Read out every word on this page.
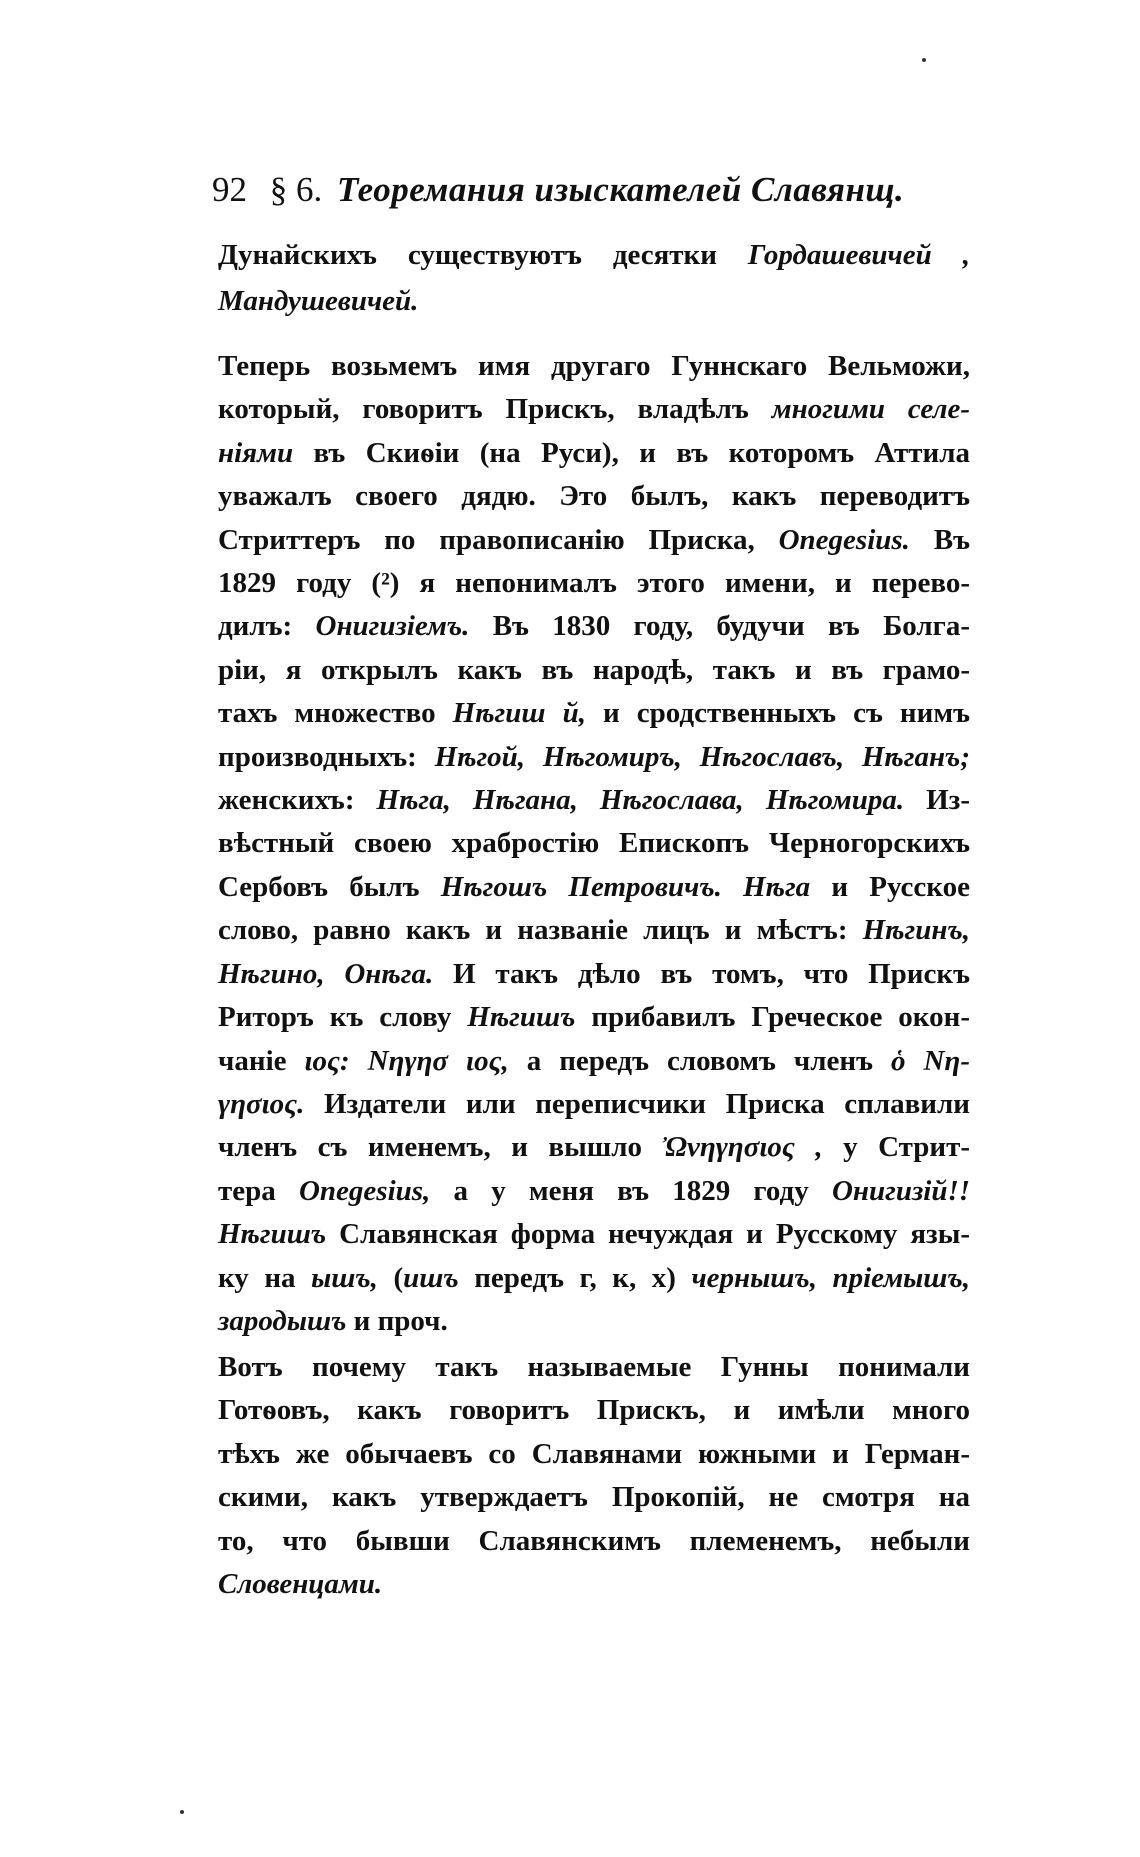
92 § 6. Теоремания изыскателей Славянщ.
Дунайскихъ существуютъ десятки Гордашевичей ,
Мандушевичей.
Теперь возьмемъ имя другаго Гуннскаго Вельможи,
который, говоритъ Прискъ, владѣлъ многими селе-
ніями въ Скиѳіи (на Руси), и въ которомъ Аттила
уважалъ своего дядю. Это былъ, какъ переводитъ
Стриттеръ по правописанію Приска, Onegesius. Въ
1829 году (²) я непонималъ этого имени, и перево-
дилъ: Онигизіемъ. Въ 1830 году, будучи въ Болга-
ріи, я открылъ какъ въ народѣ, такъ и въ грамо-
тахъ множество Нѣгиш й, и сродственныхъ съ нимъ
производныхъ: Нѣгой, Нѣгомиръ, Нѣгославъ, Нѣганъ;
женскихъ: Нѣга, Нѣгана, Нѣгослава, Нѣгомира. Из-
вѣстный своею храбростію Епископъ Черногорскихъ
Сербовъ былъ Нѣгошъ Петровичъ. Нѣга и Русское
слово, равно какъ и названіе лицъ и мѣстъ: Нѣгинъ,
Нѣгино, Онѣга. И такъ дѣло въ томъ, что Прискъ
Риторъ къ слову Нѣгишъ прибавилъ Греческое окон-
чаніе ιος: Νηγησ ιος, а передъ словомъ членъ ὁ Νη-
γησιος. Издатели или переписчики Приска сплавили
членъ съ именемъ, и вышло Ὠνηγησιος , у Стрит-
тера Onegesius, а у меня въ 1829 году Онигизій!!
Нѣгишъ Славянская форма нечуждая и Русскому язы-
ку на ышъ, (ишъ передъ г, к, х) чернышъ, пріемышъ,
зародышъ и проч.
Вотъ почему такъ называемые Гунны понимали
Готѳовъ, какъ говоритъ Прискъ, и имѣли много
тѣхъ же обычаевъ со Славянами южными и Герман-
скими, какъ утверждаетъ Прокопій, не смотря на
то, что бывши Славянскимъ племенемъ, небыли
Словенцами.
